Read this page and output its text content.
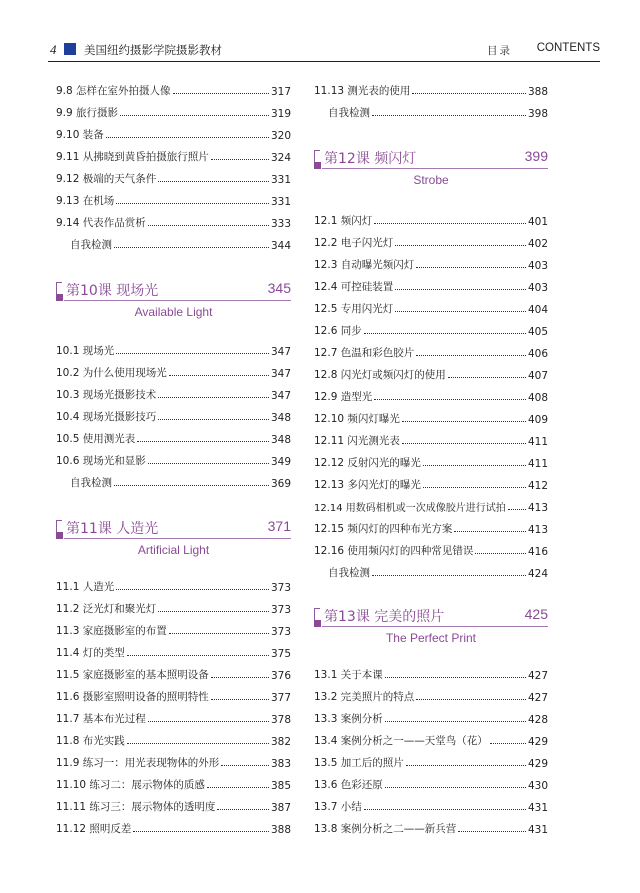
4 美国纽约摄影学院摄影教材	目录 CONTENTS
9.8 怎样在室外拍摄人像	317
9.9 旅行摄影	319
9.10 装备	320
9.11 从拂晓到黄昏拍摄旅行照片	324
9.12 极端的天气条件	331
9.13 在机场	331
9.14 代表作品赏析	333
自我检测	344
第10课 现场光	345
Available Light
10.1 现场光	347
10.2 为什么使用现场光	347
10.3 现场光摄影技术	347
10.4 现场光摄影技巧	348
10.5 使用测光表	348
10.6 现场光和显影	349
自我检测	369
第11课 人造光	371
Artificial Light
11.1 人造光	373
11.2 泛光灯和聚光灯	373
11.3 家庭摄影室的布置	373
11.4 灯的类型	375
11.5 家庭摄影室的基本照明设备	376
11.6 摄影室照明设备的照明特性	377
11.7 基本布光过程	378
11.8 布光实践	382
11.9 练习一：用光表现物体的外形	383
11.10 练习二：展示物体的质感	385
11.11 练习三：展示物体的透明度	387
11.12 照明反差	388
11.13 测光表的使用	388
自我检测	398
第12课 频闪灯	399
Strobe
12.1 频闪灯	401
12.2 电子闪光灯	402
12.3 自动曝光频闪灯	403
12.4 可控硅装置	403
12.5 专用闪光灯	404
12.6 同步	405
12.7 色温和彩色胶片	406
12.8 闪光灯或频闪灯的使用	407
12.9 造型光	408
12.10 频闪灯曝光	409
12.11 闪光测光表	411
12.12 反射闪光的曝光	411
12.13 多闪光灯的曝光	412
12.14 用数码相机或一次成像胶片进行试拍 413
12.15 频闪灯的四种布光方案	413
12.16 使用频闪灯的四种常见错误	416
自我检测	424
第13课 完美的照片	425
The Perfect Print
13.1 关于本课	427
13.2 完美照片的特点	427
13.3 案例分析	428
13.4 案例分析之一——天堂鸟（花）	429
13.5 加工后的照片	429
13.6 色彩还原	430
13.7 小结	431
13.8 案例分析之二——新兵营	431
